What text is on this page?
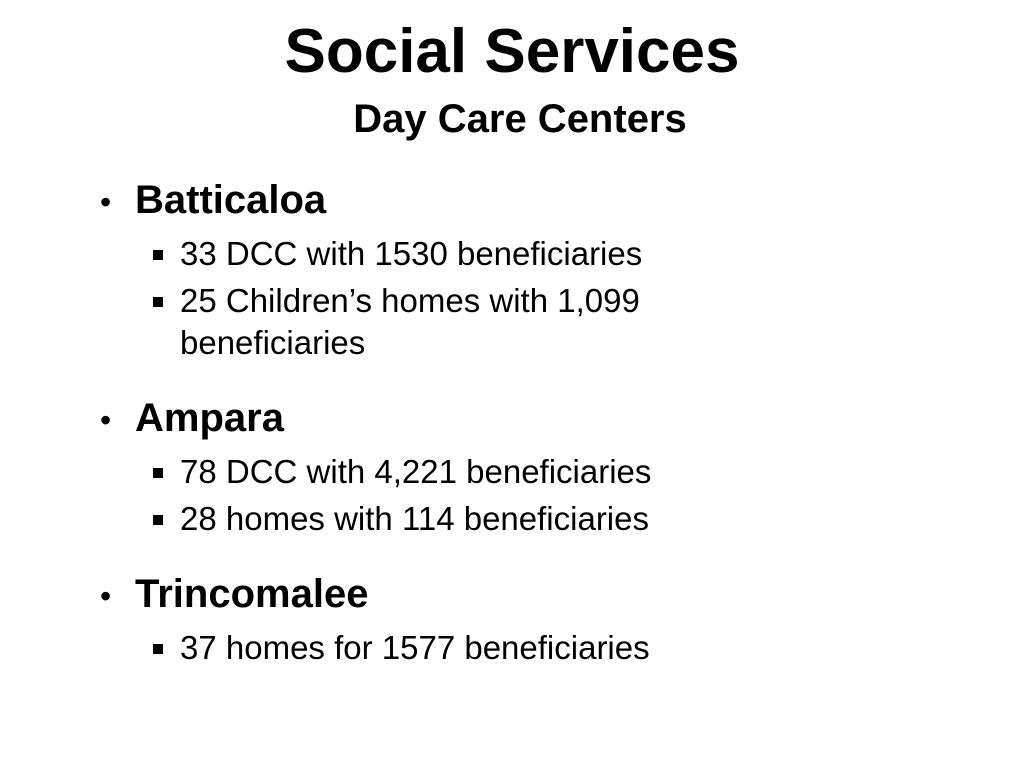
Social Services
Day Care Centers
• Batticaloa
33 DCC with 1530 beneficiaries
25 Children’s homes with 1,099 beneficiaries
• Ampara
78 DCC with 4,221 beneficiaries
28 homes with 114 beneficiaries
• Trincomalee
37 homes for 1577 beneficiaries
